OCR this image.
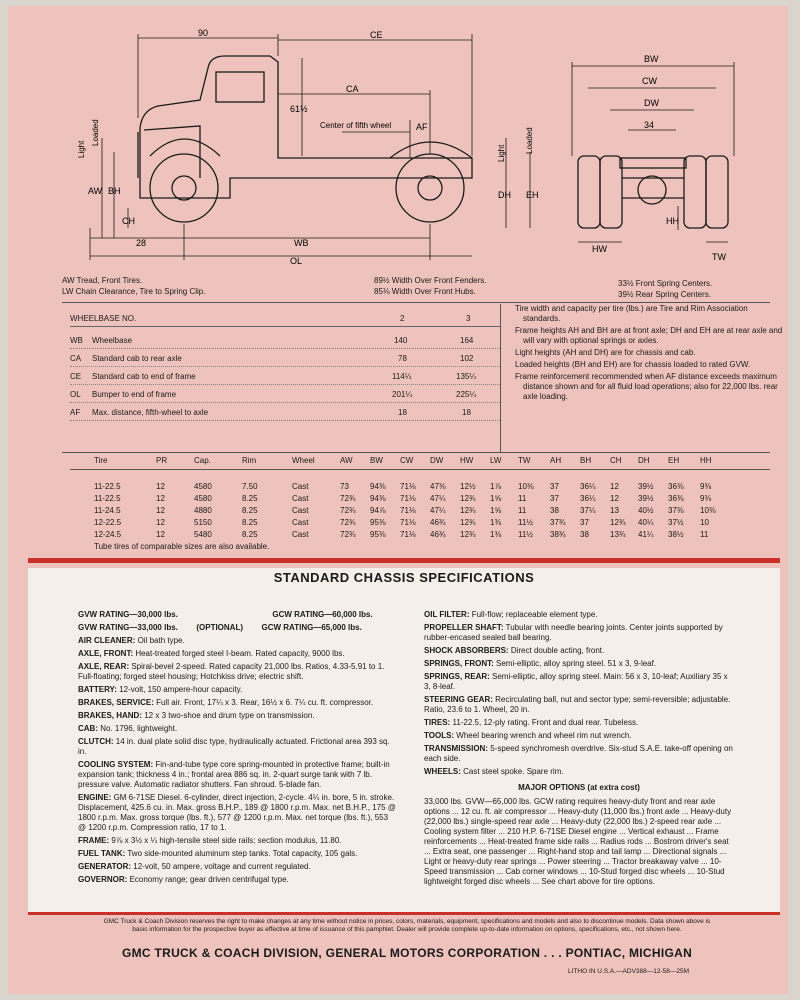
90	CE
CA
61½
Center of fifth wheel	AF
Light
Loaded
AW BH
CH
28	WB
OL
Light Loaded
DH EH
BW
CW
DW
34
HH
HW
TW
AW Tread, Front Tires.
LW Chain Clearance, Tire to Spring Clip.
89½ Width Over Front Fenders.
85⅛ Width Over Front Hubs.
33½ Front Spring Centers.
39½ Rear Spring Centers.
WHEELBASE NO.	2	3
WB Wheelbase	140	164
CA Standard cab to rear axle	78	102
CE Standard cab to end of frame	114¼	135¼
OL Bumper to end of frame	201¼	225¼
AF Max. distance, fifth-wheel to axle	18	18

Tire width and capacity per tire (lbs.) are Tire and Rim Association standards.

Frame heights AH and BH are at front axle; DH and EH are at rear axle and will vary with optional springs or axles.

Light heights (AH and DH) are for chassis and cab.

Loaded heights (BH and EH) are for chassis loaded to rated GVW.

Frame reinforcement recommended when AF distance exceeds maximum distance shown and for all fluid load operations; also for 22,000 lbs. rear axle loading.

Tire	PR	Cap.	Rim	Wheel	AW BW CW DW HW LW TW AH BH CH DH EH	HH
11-22.5	12	4580	7.50	Cast	73	94⅜ 71⅛ 47⅜ 12½ 1⅞ 10⅜ 37	36¼ 12 39½ 36⅜ 9⅜
11-22.5	12	4580	8.25	Cast	72¾ 94⅜ 71⅛ 47¼ 12¾ 1⅝ 11	37	36¼ 12 39½ 36⅜ 9⅜
11-24.5	12	4880	8.25	Cast	72¾ 94⅞ 71⅛ 47¼ 12¾ 1⅝ 11	38	37¼ 13 40½ 37⅜ 10⅜
12-22.5	12	5150	8.25	Cast	72¾ 95⅜ 71⅛ 46¾ 12¾ 1⅜ 11½ 37¾ 37	12¾ 40¼ 37½ 10
12-24.5	12	5480	8.25	Cast	72¾ 95⅜ 71⅛ 46¾ 12¾ 1⅜ 11½ 38¾ 38	13¾ 41¼ 38½ 11
Tube tires of comparable sizes are also available.
STANDARD CHASSIS SPECIFICATIONS

GVW RATING—30,000 lbs.	GCW RATING—60,000 lbs.

GVW RATING—33,000 lbs. (OPTIONAL) GCW RATING—65,000 lbs.

AIR CLEANER: Oil bath type.

AXLE, FRONT: Heat-treated forged steel I-beam. Rated capacity, 9000 lbs.

AXLE, REAR: Spiral-bevel 2-speed. Rated capacity 21,000 lbs. Ratios, 4.33-5.91 to 1. Full-floating; forged steel housing; Hotchkiss drive; electric shift.

BATTERY: 12-volt, 150 ampere-hour capacity.

BRAKES, SERVICE: Full air. Front, 17¼ x 3. Rear, 16½ x 6. 7¼ cu. ft. compressor.

BRAKES, HAND: 12 x 3 two-shoe and drum type on transmission.

CAB: No. 1796, lightweight.

CLUTCH: 14 in. dual plate solid disc type, hydraulically actuated. Frictional area 393 sq. in.

COOLING SYSTEM: Fin-and-tube type core spring-mounted in protective frame; built-in expansion tank; thickness 4 in.; frontal area 886 sq. in. 2-quart surge tank with 7 lb. pressure valve. Automatic radiator shutters. Fan shroud. 5-blade fan.

ENGINE: GM 6-71SE Diesel. 6-cylinder, direct injection, 2-cycle. 4¼ in. bore, 5 in. stroke. Displacement, 425.6 cu. in. Max. gross B.H.P., 189 @ 1800 r.p.m. Max. net B.H.P., 175 @ 1800 r.p.m. Max. gross torque (lbs. ft.), 577 @ 1200 r.p.m. Max. net torque (lbs. ft.), 553 @ 1200 r.p.m. Compression ratio, 17 to 1.

FRAME: 9⅞ x 3½ x ¼ high-tensile steel side rails; section modulus, 11.80.

FUEL TANK: Two side-mounted aluminum step tanks. Total capacity, 105 gals.

GENERATOR: 12-volt, 50 ampere, voltage and current regulated.

GOVERNOR: Economy range; gear driven centrifugal type.

OIL FILTER: Full-flow; replaceable element type.

PROPELLER SHAFT: Tubular with needle bearing joints. Center joints supported by rubber-encased sealed ball bearing.

SHOCK ABSORBERS: Direct double acting, front.

SPRINGS, FRONT: Semi-elliptic, alloy spring steel. 51 x 3, 9-leaf.

SPRINGS, REAR: Semi-elliptic, alloy spring steel. Main: 56 x 3, 10-leaf; Auxiliary 35 x 3, 8-leaf.

STEERING GEAR: Recirculating ball, nut and sector type; semi-reversible; adjustable. Ratio, 23.6 to 1. Wheel, 20 in.

TIRES: 11-22.5, 12-ply rating. Front and dual rear. Tubeless.

TOOLS: Wheel bearing wrench and wheel rim nut wrench.

TRANSMISSION: 5-speed synchromesh overdrive. Six-stud S.A.E. take-off opening on each side.

WHEELS: Cast steel spoke. Spare rim.

MAJOR OPTIONS (at extra cost)

33,000 lbs. GVW—65,000 lbs. GCW rating requires heavy-duty front and rear axle options ... 12 cu. ft. air compressor ... Heavy-duty (11,000 lbs.) front axle ... Heavy-duty (22,000 lbs.) single-speed rear axle ... Heavy-duty (22,000 lbs.) 2-speed rear axle ... Cooling system filter ... 210 H.P. 6-71SE Diesel engine ... Vertical exhaust ... Frame reinforcements ... Heat-treated frame side rails ... Radius rods ... Bostrom driver's seat ... Extra seat, one passenger ... Right-hand stop and tail lamp ... Directional signals ... Light or heavy-duty rear springs ... Power steering ... Tractor breakaway valve ... 10-Speed transmission ... Cab corner windows ... 10-Stud forged disc wheels ... 10-Stud lightweight forged disc wheels ... See chart above for tire options.

GMC Truck & Coach Division reserves the right to make changes at any time without notice in prices, colors, materials, equipment, specifications and models and also to discontinue models. Data shown above is basic information for the prospective buyer as effective at time of issuance of this pamphlet. Dealer will provide complete up-to-date information on options, specifications, etc., not shown here.
GMC TRUCK & COACH DIVISION, GENERAL MOTORS CORPORATION . . . PONTIAC, MICHIGAN
LITHO IN U.S.A.—ADV388—12-58—25M
